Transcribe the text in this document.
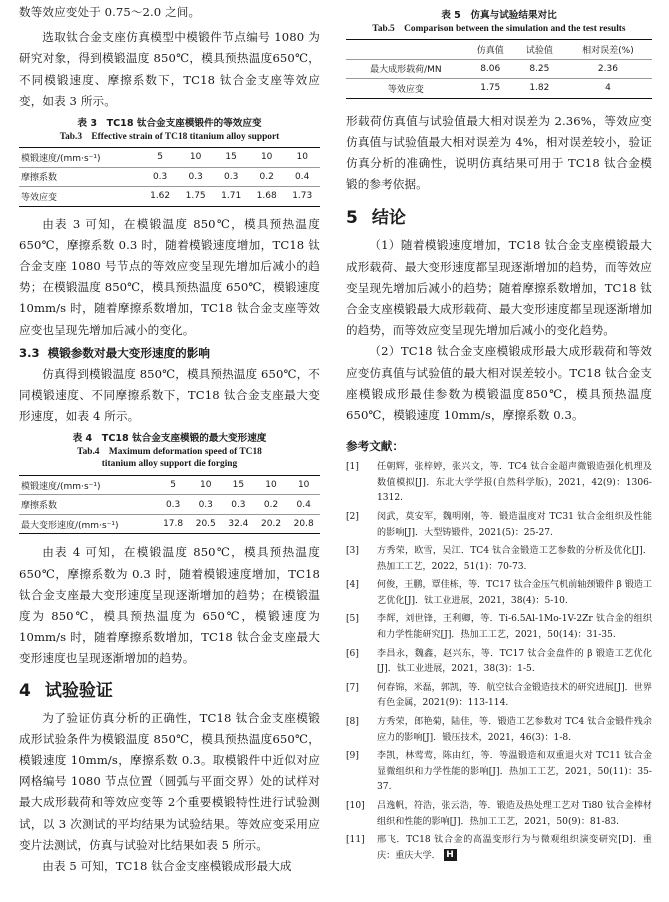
数等效应变处于 0.75～2.0 之间。

选取钛合金支座仿真模型中模锻件节点编号 1080 为研究对象，得到模锻温度 850℃，模具预热温度650℃，不同模锻速度、摩擦系数下，TC18 钛合金支座等效应变，如表 3 所示。

表 3　TC18 钛合金支座模锻件的等效应变
Tab.3　Effective strain of TC18 titanium alloy support
模锻速度/(mm·s⁻¹)	5	10	15	10	10
摩擦系数	0.3	0.3	0.3	0.2	0.4
等效应变	1.62	1.75	1.71	1.68	1.73

由表 3 可知，在模锻温度 850℃，模具预热温度650℃，摩擦系数 0.3 时，随着模锻速度增加，TC18 钛合金支座 1080 号节点的等效应变呈现先增加后减小的趋势；在模锻温度 850℃，模具预热温度 650℃，模锻速度 10mm/s 时，随着摩擦系数增加，TC18 钛合金支座等效应变也呈现先增加后减小的变化。

3.3 模锻参数对最大变形速度的影响

仿真得到模锻温度 850℃，模具预热温度 650℃，不同模锻速度、不同摩擦系数下，TC18 钛合金支座最大变形速度，如表 4 所示。

表 4　TC18 钛合金支座模锻的最大变形速度
Tab.4　Maximum deformation speed of TC18
titanium alloy support die forging
模锻速度/(mm·s⁻¹)	5	10	15	10	10
摩擦系数	0.3	0.3	0.3	0.2	0.4
最大变形速度/(mm·s⁻¹)	17.8	20.5	32.4	20.2	20.8

由表 4 可知，在模锻温度 850℃，模具预热温度650℃，摩擦系数为 0.3 时，随着模锻速度增加，TC18钛合金支座最大变形速度呈现逐渐增加的趋势；在模锻温度为 850℃，模具预热温度为 650℃，模锻速度为 10mm/s 时，随着摩擦系数增加，TC18 钛合金支座最大变形速度也呈现逐渐增加的趋势。

4 试验验证

为了验证仿真分析的正确性，TC18 钛合金支座模锻成形试验条件为模锻温度 850℃，模具预热温度650℃，模锻速度 10mm/s，摩擦系数 0.3。取模锻件中近似对应网格编号 1080 节点位置（圆弧与平面交界）处的试样对最大成形载荷和等效应变等 2个重要模锻特性进行试验测试，以 3 次测试的平均结果为试验结果。等效应变采用应变片法测试，仿真与试验对比结果如表 5 所示。

由表 5 可知，TC18 钛合金支座模锻成形最大成

表 5　仿真与试验结果对比
Tab.5　Comparison between the simulation and the test results
	仿真值	试验值	相对误差(%)
最大成形载荷/MN	8.06	8.25	2.36
等效应变	1.75	1.82	4

形载荷仿真值与试验值最大相对误差为 2.36%，等效应变仿真值与试验值最大相对误差为 4%，相对误差较小，验证仿真分析的准确性，说明仿真结果可用于 TC18 钛合金模锻的参考依据。

5 结论

（1）随着模锻速度增加，TC18 钛合金支座模锻最大成形载荷、最大变形速度都呈现逐渐增加的趋势，而等效应变呈现先增加后减小的趋势；随着摩擦系数增加，TC18 钛合金支座模锻最大成形载荷、最大变形速度都呈现逐渐增加的趋势，而等效应变呈现先增加后减小的变化趋势。

（2）TC18 钛合金支座模锻成形最大成形载荷和等效应变仿真值与试验值的最大相对误差较小。TC18 钛合金支座模锻成形最佳参数为模锻温度850℃，模具预热温度 650℃，模锻速度 10mm/s，摩擦系数 0.3。

参考文献：
[1] 任朝辉，张梓婷，张兴文，等．TC4 钛合金超声微锻造强化机理及数值模拟[J]．东北大学学报(自然科学版)，2021，42(9)：1306-1312.
[2] 闵武，莫安军，魏明刚，等．锻造温度对 TC31 钛合金组织及性能的影响[J]．大型铸锻件，2021(5)：25-27.
[3] 方秀荣，欧雪，吴江．TC4 钛合金锻造工艺参数的分析及优化[J]．热加工工艺，2022，51(1)：70-73.
[4] 何俊，王鹏，覃佳栋，等．TC17 钛合金压气机前轴颈锻件 β 锻造工艺优化[J]．钛工业进展，2021，38(4)：5-10.
[5] 李辉，刘世锋，王利卿，等．Ti-6.5Al-1Mo-1V-2Zr 钛合金的组织和力学性能研究[J]．热加工工艺，2021，50(14)：31-35.
[6] 李昌永，魏鑫，赵兴东，等．TC17 钛合金盘件的 β 锻造工艺优化[J]．钛工业进展，2021，38(3)：1-5.
[7] 何春锦，米磊，郭凯，等．航空钛合金锻造技术的研究进展[J]．世界有色金属，2021(9)：113-114.
[8] 方秀荣，郎艳菊，陆佳，等．锻造工艺参数对 TC4 钛合金锻件残余应力的影响[J]．锻压技术，2021，46(3)：1-8.
[9] 李凯，林莺莺，陈由红，等．等温锻造和双重退火对 TC11 钛合金显微组织和力学性能的影响[J]．热加工工艺，2021，50(11)：35-37.
[10] 吕逸帆，符浩，张云浩，等．锻造及热处理工艺对 Ti80 钛合金棒材组织和性能的影响[J]．热加工工艺，2021，50(9)：81-83.
[11] 邢飞．TC18 钛合金的高温变形行为与微观组织演变研究[D]．重庆：重庆大学． H
